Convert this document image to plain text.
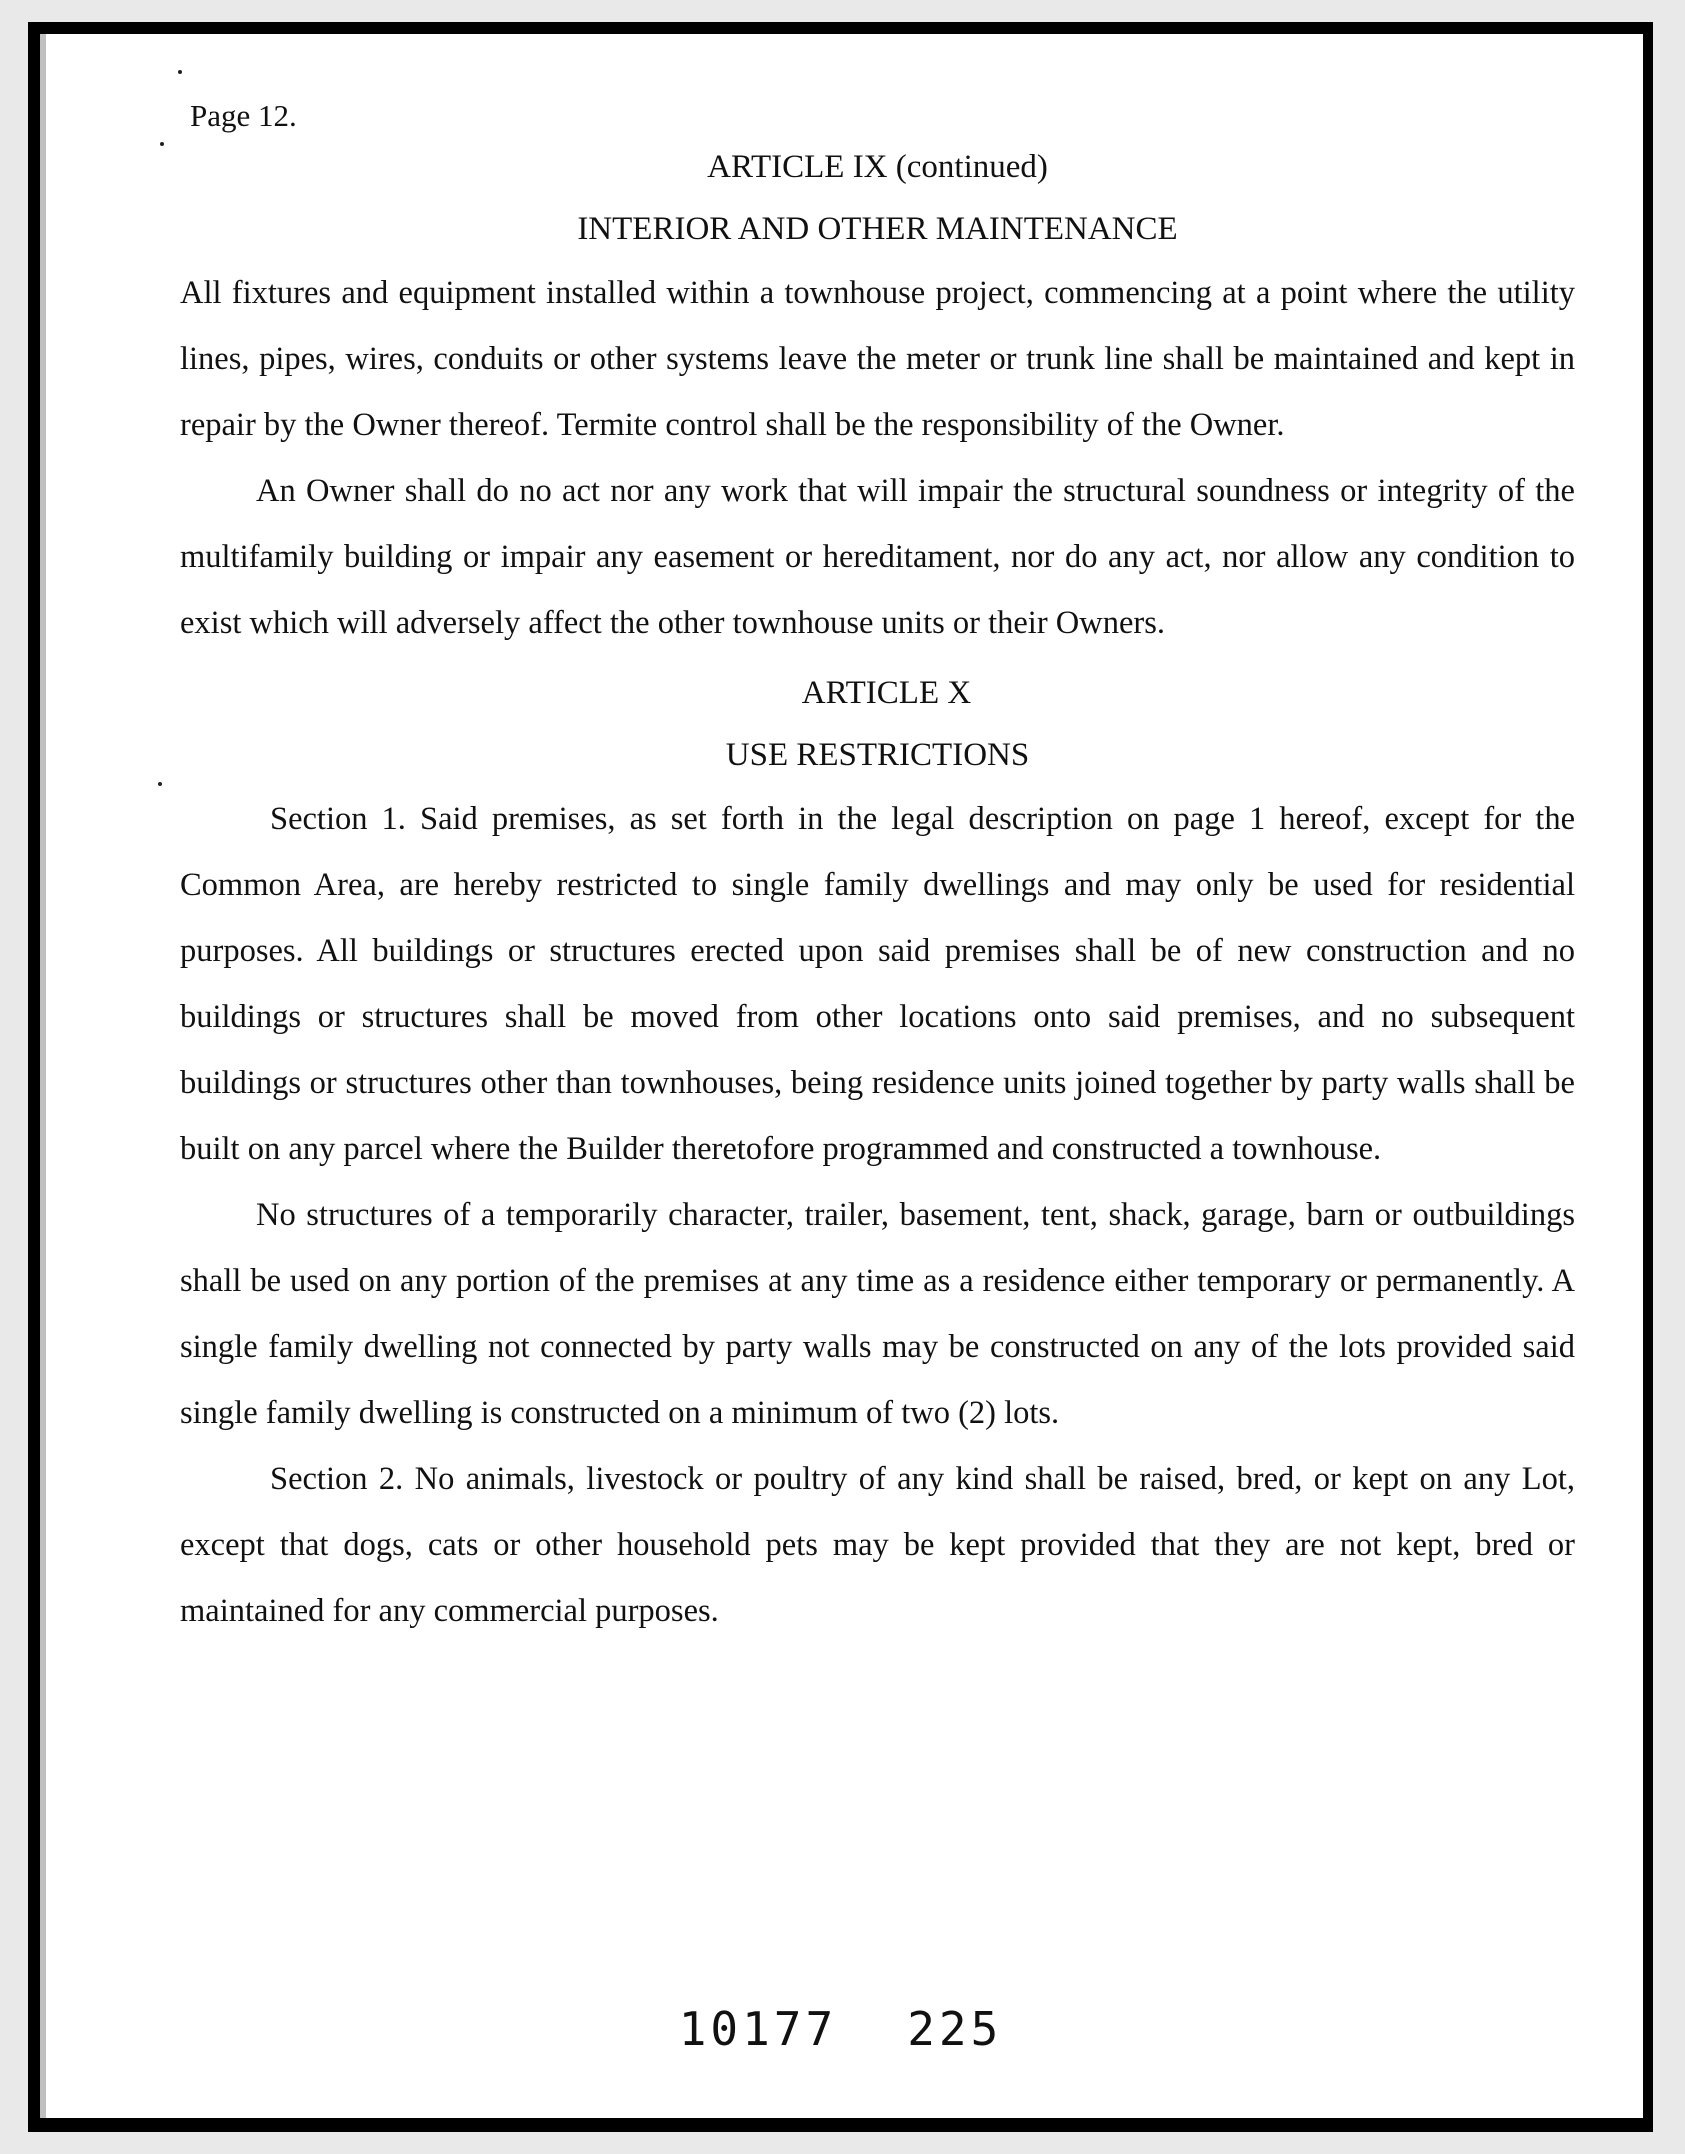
Page 12.
ARTICLE IX (continued)
INTERIOR AND OTHER MAINTENANCE

All fixtures and equipment installed within a townhouse project, commencing at a point where the utility lines, pipes, wires, conduits or other systems leave the meter or trunk line shall be maintained and kept in repair by the Owner thereof. Termite control shall be the responsibility of the Owner.

An Owner shall do no act nor any work that will impair the structural soundness or integrity of the multifamily building or impair any easement or hereditament, nor do any act, nor allow any condition to exist which will adversely affect the other townhouse units or their Owners.

ARTICLE X
USE RESTRICTIONS

Section 1. Said premises, as set forth in the legal description on page 1 hereof, except for the Common Area, are hereby restricted to single family dwellings and may only be used for residential purposes. All buildings or structures erected upon said premises shall be of new construction and no buildings or structures shall be moved from other locations onto said premises, and no subsequent buildings or structures other than townhouses, being residence units joined together by party walls shall be built on any parcel where the Builder theretofore programmed and constructed a townhouse.

No structures of a temporarily character, trailer, basement, tent, shack, garage, barn or outbuildings shall be used on any portion of the premises at any time as a residence either temporary or permanently. A single family dwelling not connected by party walls may be constructed on any of the lots provided said single family dwelling is constructed on a minimum of two (2) lots.

Section 2. No animals, livestock or poultry of any kind shall be raised, bred, or kept on any Lot, except that dogs, cats or other household pets may be kept provided that they are not kept, bred or maintained for any commercial purposes.

10177 225
